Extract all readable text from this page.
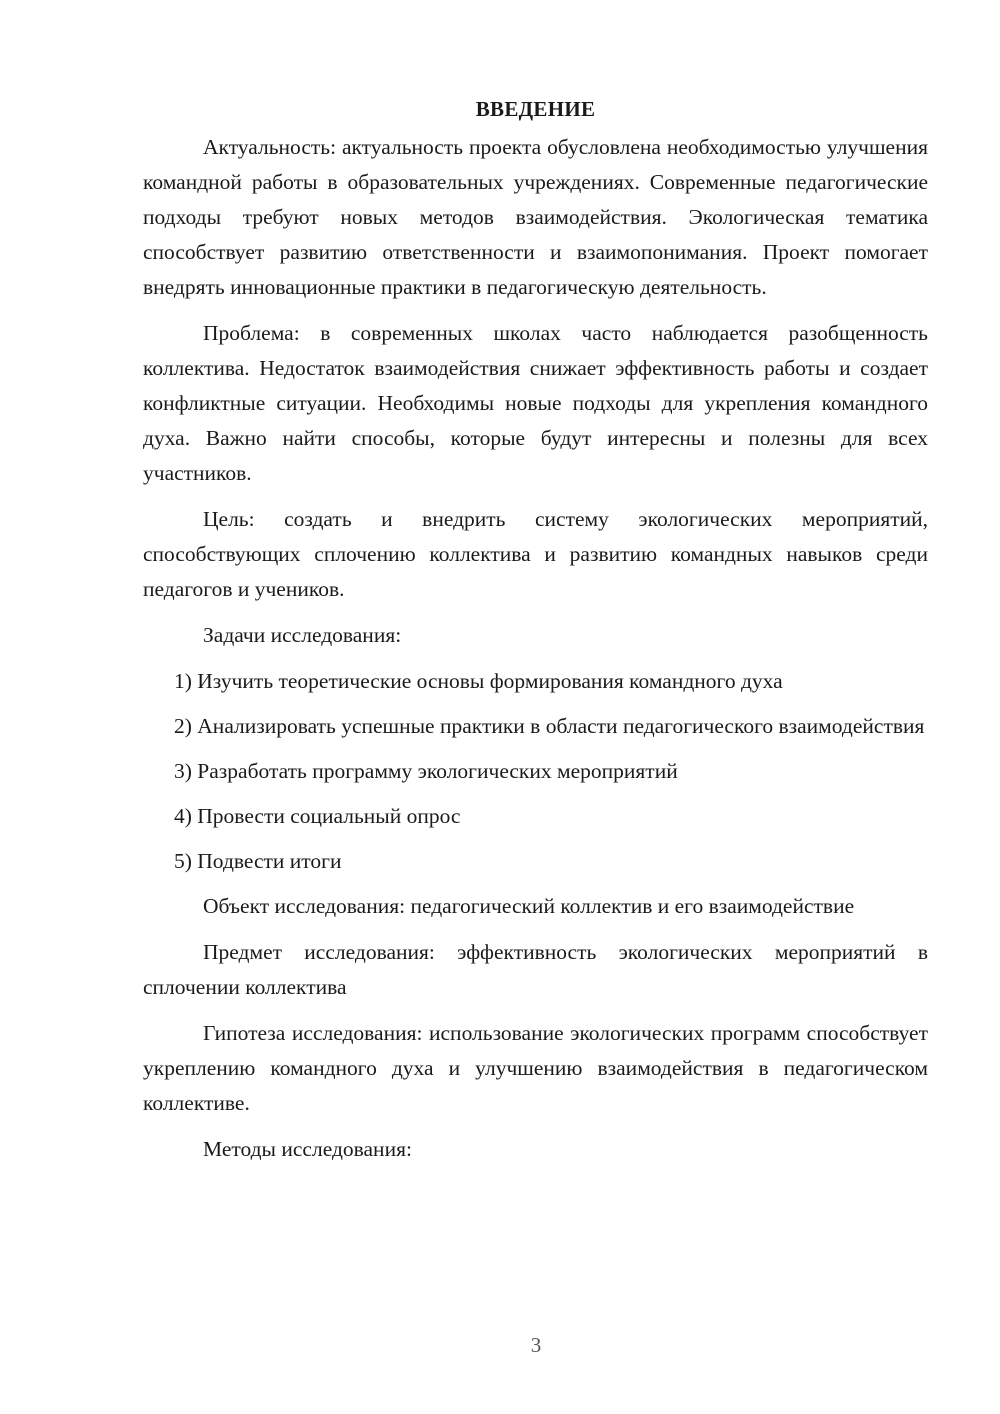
ВВЕДЕНИЕ

Актуальность: актуальность проекта обусловлена необходимостью улучшения командной работы в образовательных учреждениях. Современные педагогические подходы требуют новых методов взаимодействия. Экологическая тематика способствует развитию ответственности и взаимопонимания. Проект помогает внедрять инновационные практики в педагогическую деятельность.

Проблема: в современных школах часто наблюдается разобщенность коллектива. Недостаток взаимодействия снижает эффективность работы и создает конфликтные ситуации. Необходимы новые подходы для укрепления командного духа. Важно найти способы, которые будут интересны и полезны для всех участников.

Цель: создать и внедрить систему экологических мероприятий, способствующих сплочению коллектива и развитию командных навыков среди педагогов и учеников.

Задачи исследования:

1) Изучить теоретические основы формирования командного духа

2) Анализировать успешные практики в области педагогического взаимодействия

3) Разработать программу экологических мероприятий

4) Провести социальный опрос

5) Подвести итоги

Объект исследования: педагогический коллектив и его взаимодействие

Предмет исследования: эффективность экологических мероприятий в сплочении коллектива

Гипотеза исследования: использование экологических программ способствует укреплению командного духа и улучшению взаимодействия в педагогическом коллективе.

Методы исследования:

3
